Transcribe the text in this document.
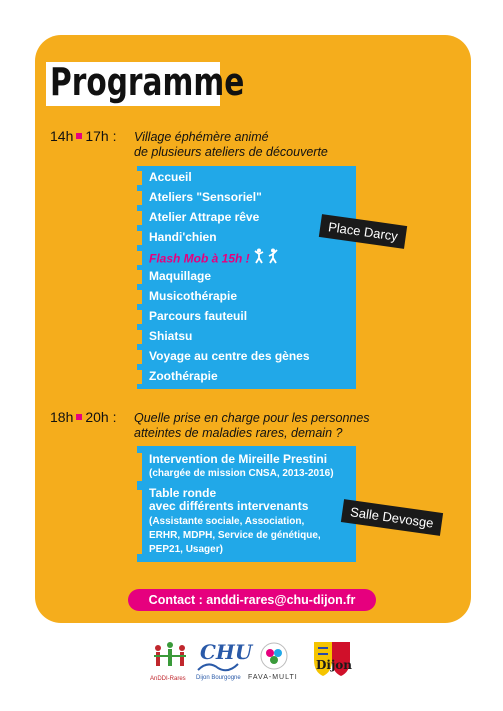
Programme
14h 17h : Village éphémère animé
de plusieurs ateliers de découverte
Accueil
Ateliers "Sensoriel"
Atelier Attrape rêve
Handi'chien
Flash Mob à 15h !
Maquillage
Musicothérapie
Parcours fauteuil
Shiatsu
Voyage au centre des gènes
Zoothérapie
Place Darcy
18h 20h : Quelle prise en charge pour les personnes
atteintes de maladies rares, demain ?
Intervention de Mireille Prestini
(chargée de mission CNSA, 2013-2016)
Table ronde
avec différents intervenants
(Assistante sociale, Association,
ERHR, MDPH, Service de génétique,
PEP21, Usager)
Salle Devosge
Contact : anddi-rares@chu-dijon.fr
AnDDI-Rares
CHU
Dijon Bourgogne FAVA-MULTI
Dijon
